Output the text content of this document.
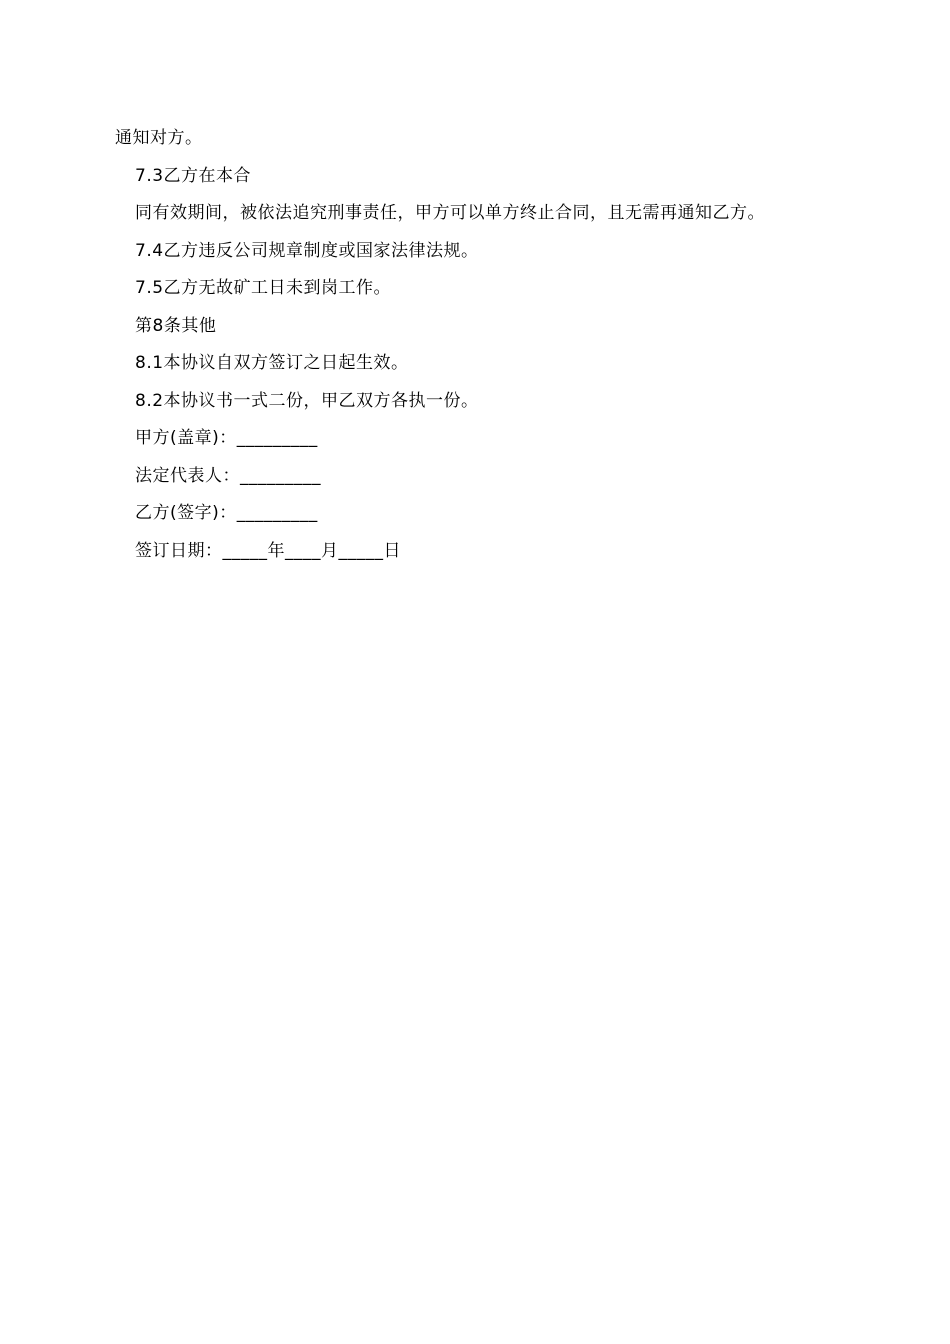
通知对方。
7.3乙方在本合
同有效期间，被依法追究刑事责任，甲方可以单方终止合同，且无需再通知乙方。
7.4乙方违反公司规章制度或国家法律法规。
7.5乙方无故矿工日未到岗工作。
第8条其他
8.1本协议自双方签订之日起生效。
8.2本协议书一式二份，甲乙双方各执一份。
甲方(盖章)：_________
法定代表人：_________
乙方(签字)：_________
签订日期：_____年____月_____日
